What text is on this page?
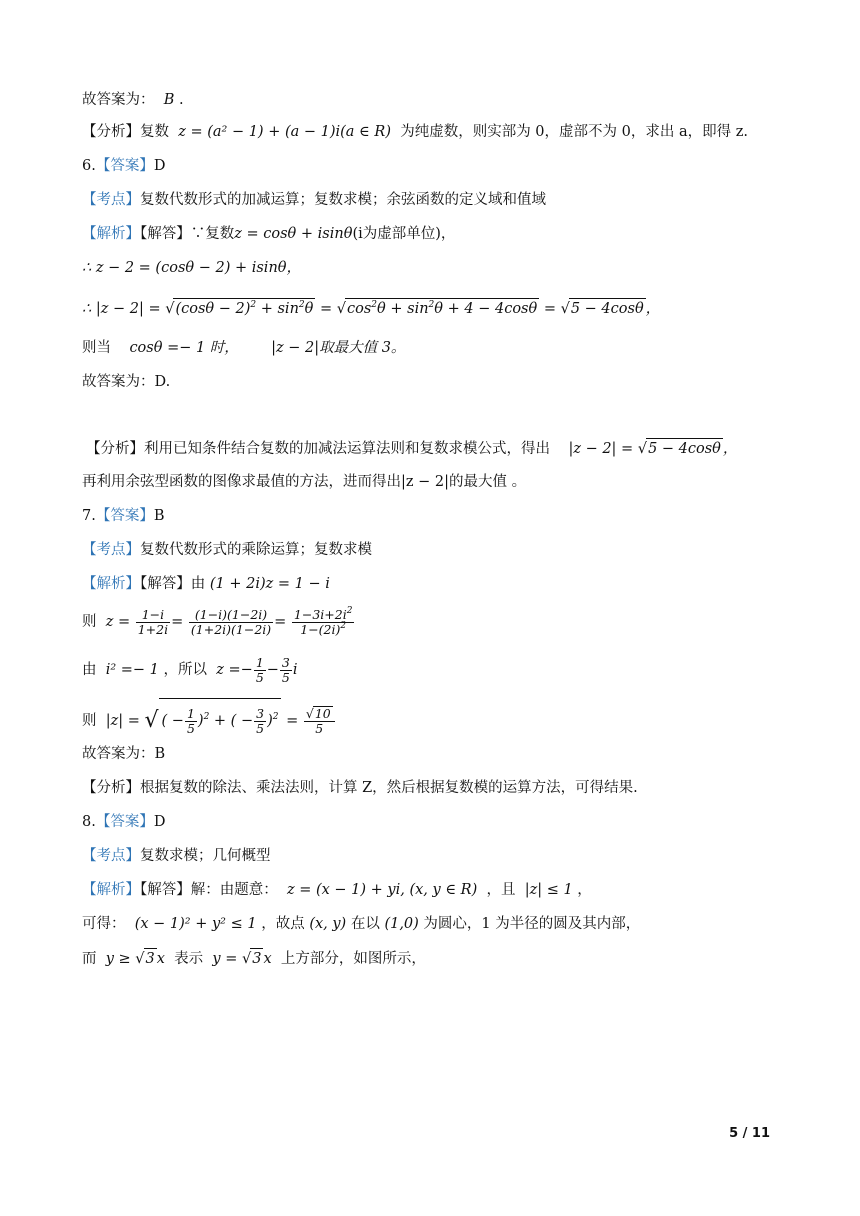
故答案为： B .
【分析】复数 z = (a² − 1) + (a − 1)i(a ∈ R) 为纯虚数，则实部为 0，虚部不为 0，求出 a，即得 z.
6.【答案】D
【考点】复数代数形式的加减运算；复数求模；余弦函数的定义域和值域
【解析】【解答】∵复数z = cosθ + isinθ(i为虚部单位)，
∴ z − 2 = (cosθ − 2) + isinθ，
∴ $|z - 2| = √(\cos\theta - 2)^2 + \sin^2\theta = √\cos^2\theta + \sin^2\theta + 4 - 4\cos\theta = √5 - 4\cos\theta$ ，
则当 cosθ =− 1 时， |z − 2|取最大值 3。
故答案为：D.
【分析】利用已知条件结合复数的加减法运算法则和复数求模公式，得出 |z − 2| = √5 − 4cosθ ，
再利用余弦型函数的图像求最值的方法，进而得出|z − 2|的最大值 。
7.【答案】B
【考点】复数代数形式的乘除运算；复数求模
【解析】【解答】由 (1 + 2i)z = 1 − i
则 $z = \frac{1-i}{1+2i} = \frac{(1-i)(1-2i)}{(1+2i)(1-2i)} = \frac{1-3i+2i^2}{1-(2i)^2}$
由 i² =− 1 ，所以 $z =- \frac{1}{5} - \frac{3}{5}$ i
则 |z| = √ ( − $\frac{1}{5} )^2$ + ( − $\frac{3}{5} )^2 = \frac{√10}{5}$
故答案为：B
【分析】根据复数的除法、乘法法则，计算 Z，然后根据复数模的运算方法，可得结果.
8.【答案】D
【考点】复数求模；几何概型
【解析】【解答】解：由题意： z = (x − 1) + yi, (x, y ∈ R) ，且 |z| ≤ 1 ，
可得： (x − 1)² + y² ≤ 1 ，故点 (x, y) 在以 (1,0) 为圆心，1 为半径的圆及其内部，
而 y ≥ √3 x 表示 y = √3 x 上方部分，如图所示，
5 / 11
